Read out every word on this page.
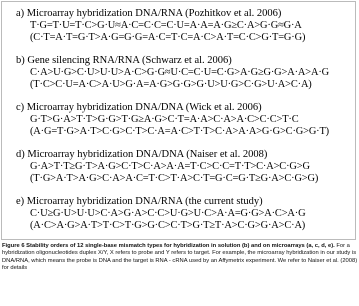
a) Microarray hybridization DNA/RNA (Pozhitkov et al. 2006)
T·G=T·U=T·C>G·U≈A·C=C·C=C·U=A·A=A·G≥C·A>G·G≈G·A
(C·T=A·T=G·T>A·G=G·G=A·C=T·C=A·C>A·T=C·C>G·T=G·G)
b) Gene silencing RNA/RNA (Schwarz et al. 2006)
C·A>U·G>C·U>U·U>A·C>G·G≈U·C=C·U=C·G>A·G≥G·G>A·A>A·G
(T·C>C·U=A·C>A·U>G·A=A·G>G·G>G·U>U·G>C·G>U·A>C·A)
c) Microarray hybridization DNA/DNA (Wick et al. 2006)
G·T>G·A>T·T>G·G>T·G≥A·G>C·T=A·A>C·A>A·C>C·C>T·C
(A·G=T·G>A·T>C·G>C·T>C·A=A·C>T·T>C·A>A·A>G·G>C·G>G·T)
d) Microarray hybridization DNA/DNA (Naiser et al. 2008)
G·A>T·T≥G·T>A·G>C·T>C·A>A·A=T·C>C·C=T·T>C·A>C·G>G
(T·G>A·T>A·G>C·A>A·C=T·C>T·A>C·T=G·C=G·T≥G·A>C·G>G)
e) Microarray hybridization DNA/RNA (the current study)
C·U≥G·U>U·U>C·A>G·A>C·C>U·G>U·C>A·A=G·G>A·C>A·G
(A·C>A·G>A·T>T·C>T·G>G·C>C·T>G·T≥T·A>C·G>G·A>C·A)
Figure 6 Stability orders of 12 single-base mismatch types for hybridization in solution (b) and on microarrays (a, c, d, e). For a hybridization oligonucleotides duplex X/Y, X refers to probe and Y refers to target. For example, the microarray hybridization in our study is DNA/RNA, which means the probe is DNA and the target is RNA - cRNA used by an Affymetrix experiment. We refer to Naiser et al. (2008) for details
